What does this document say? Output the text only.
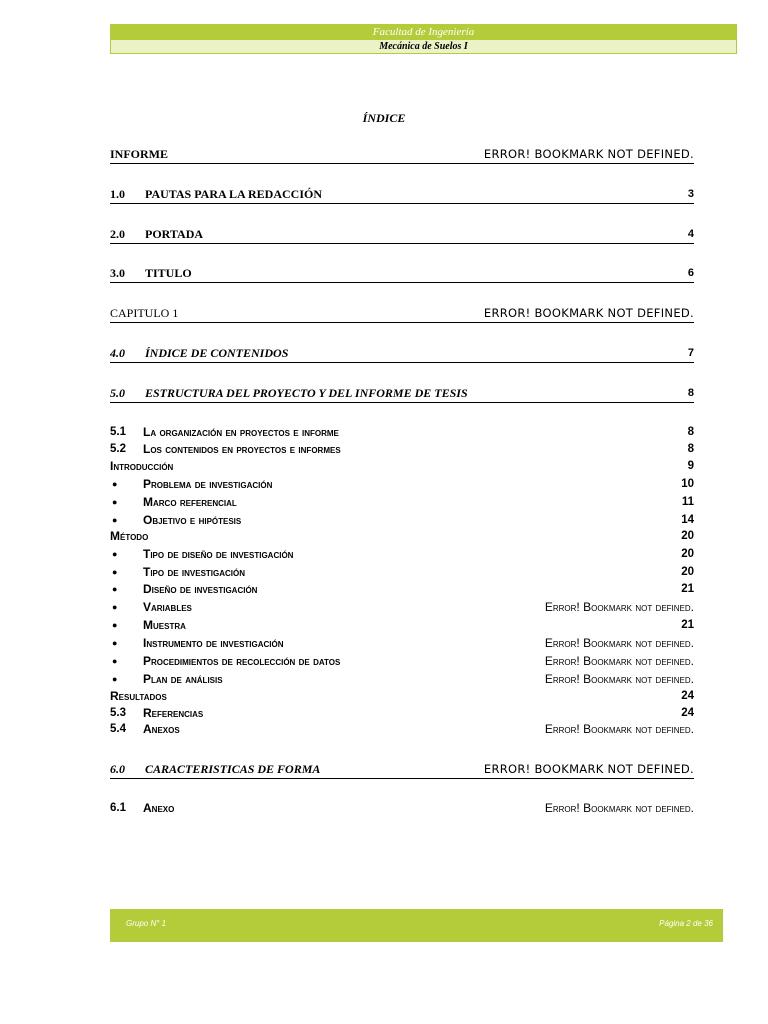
Facultad de Ingeniería
Mecánica de Suelos I
ÍNDICE
INFORME	ERROR! BOOKMARK NOT DEFINED.
1.0 PAUTAS PARA LA REDACCIÓN	3
2.0 PORTADA	4
3.0 TITULO	6
CAPITULO 1	ERROR! BOOKMARK NOT DEFINED.
4.0 ÍNDICE DE CONTENIDOS	7
5.0 ESTRUCTURA DEL PROYECTO Y DEL INFORME DE TESIS	8
5.1 La organización en proyectos e informe	8
5.2 Los contenidos en proyectos e informes	8
Introducción	9
● Problema de investigación	10
● Marco referencial	11
● Objetivo e hipótesis	14
Método	20
● Tipo de diseño de investigación	20
● Tipo de investigación	20
● Diseño de investigación	21
● Variables	Error! Bookmark not defined.
● Muestra	21
● Instrumento de investigación	Error! Bookmark not defined.
● Procedimientos de recolección de datos	Error! Bookmark not defined.
● Plan de análisis	Error! Bookmark not defined.
Resultados	24
5.3 Referencias	24
5.4 Anexos	Error! Bookmark not defined.
6.0 CARACTERISTICAS DE FORMA	ERROR! BOOKMARK NOT DEFINED.
6.1 Anexo	Error! Bookmark not defined.
Grupo N° 1	Página 2 de 36
